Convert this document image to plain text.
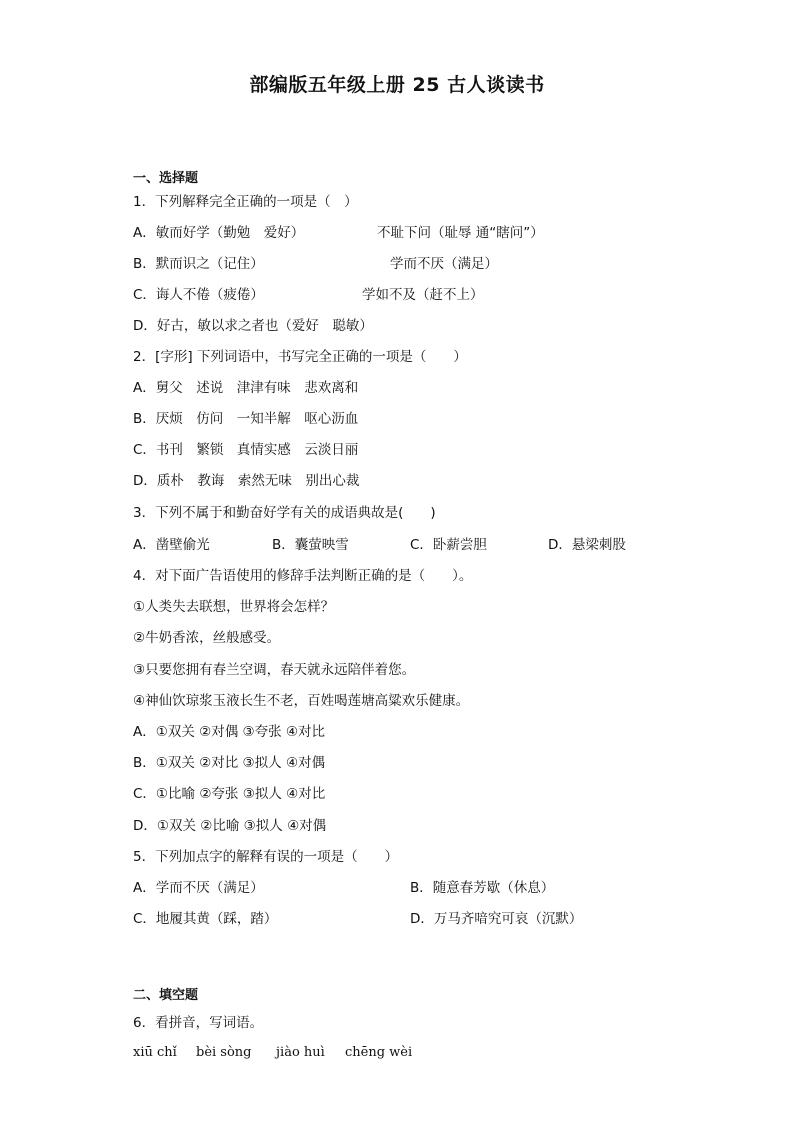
部编版五年级上册 25 古人谈读书
一、选择题
1．下列解释完全正确的一项是（　）
A．敏而好学（勤勉　爱好）	不耻下问（耻辱 通“瞎问”）
B．默而识之（记住）	学而不厌（满足）
C．诲人不倦（疲倦）	学如不及（赶不上）
D．好古，敏以求之者也（爱好　聪敏）
2．[字形] 下列词语中，书写完全正确的一项是（　　）
A．舅父　述说　津津有味　悲欢离和
B．厌烦　仿问　一知半解　呕心沥血
C．书刊　繁锁　真情实感　云淡日丽
D．质朴　教诲　索然无味　别出心裁
3．下列不属于和勤奋好学有关的成语典故是(　　)
A．凿壁偷光	B．囊萤映雪	C．卧薪尝胆	D．悬梁刺股
4．对下面广告语使用的修辞手法判断正确的是（　　）。
①人类失去联想，世界将会怎样？
②牛奶香浓，丝般感受。
③只要您拥有春兰空调，春天就永远陪伴着您。
④神仙饮琼浆玉液长生不老，百姓喝莲塘高粱欢乐健康。
A．①双关 ②对偶 ③夸张 ④对比
B．①双关 ②对比 ③拟人 ④对偶
C．①比喻 ②夸张 ③拟人 ④对比
D．①双关 ②比喻 ③拟人 ④对偶
5．下列加点字的解释有误的一项是（　　）
A．学而不厌（满足）	B．随意春芳歇（休息）
C．地履其黄（踩，踏）	D．万马齐喑究可哀（沉默）
二、填空题
6．看拼音，写词语。
xiū chǐ bèi sòng jiào huì chēng wèi
